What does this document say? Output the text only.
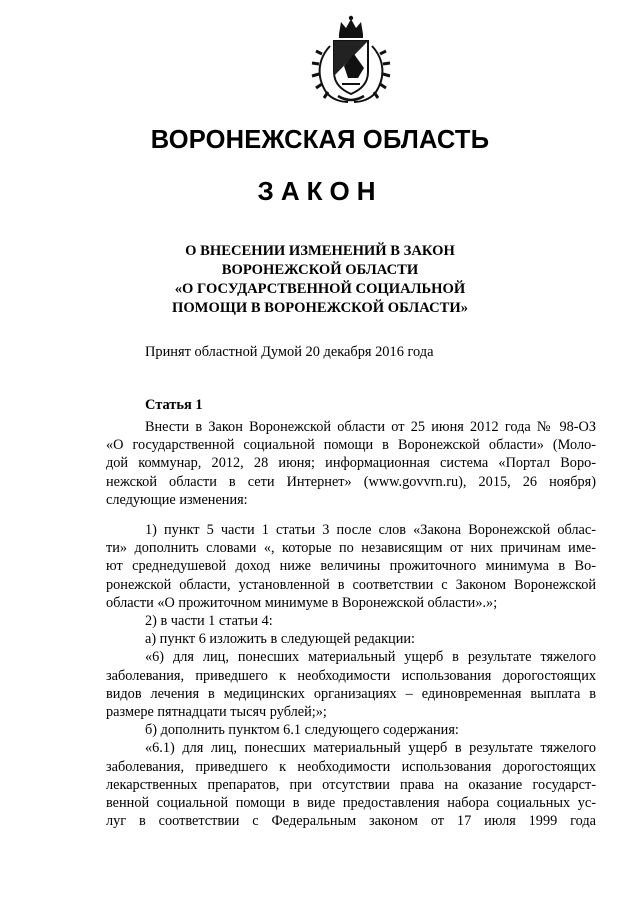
ВОРОНЕЖСКАЯ ОБЛАСТЬ
ЗАКОН
О ВНЕСЕНИИ ИЗМЕНЕНИЙ В ЗАКОН
ВОРОНЕЖСКОЙ ОБЛАСТИ
«О ГОСУДАРСТВЕННОЙ СОЦИАЛЬНОЙ
ПОМОЩИ В ВОРОНЕЖСКОЙ ОБЛАСТИ»
Принят областной Думой 20 декабря 2016 года
Статья 1
Внести в Закон Воронежской области от 25 июня 2012 года № 98-ОЗ
«О государственной социальной помощи в Воронежской области» (Моло-
дой коммунар, 2012, 28 июня; информационная система «Портал Воро-
нежской области в сети Интернет» (www.govvrn.ru), 2015, 26 ноября)
следующие изменения:
1) пункт 5 части 1 статьи 3 после слов «Закона Воронежской облас-
ти» дополнить словами «, которые по независящим от них причинам име-
ют среднедушевой доход ниже величины прожиточного минимума в Во-
ронежской области, установленной в соответствии с Законом Воронежской
области «О прожиточном минимуме в Воронежской области».»;
2) в части 1 статьи 4:
а) пункт 6 изложить в следующей редакции:
«6) для лиц, понесших материальный ущерб в результате тяжелого
заболевания, приведшего к необходимости использования дорогостоящих
видов лечения в медицинских организациях – единовременная выплата в
размере пятнадцати тысяч рублей;»;
б) дополнить пунктом 6.1 следующего содержания:
«6.1) для лиц, понесших материальный ущерб в результате тяжелого
заболевания, приведшего к необходимости использования дорогостоящих
лекарственных препаратов, при отсутствии права на оказание государст-
венной социальной помощи в виде предоставления набора социальных ус-
луг в соответствии с Федеральным законом от 17 июля 1999 года
